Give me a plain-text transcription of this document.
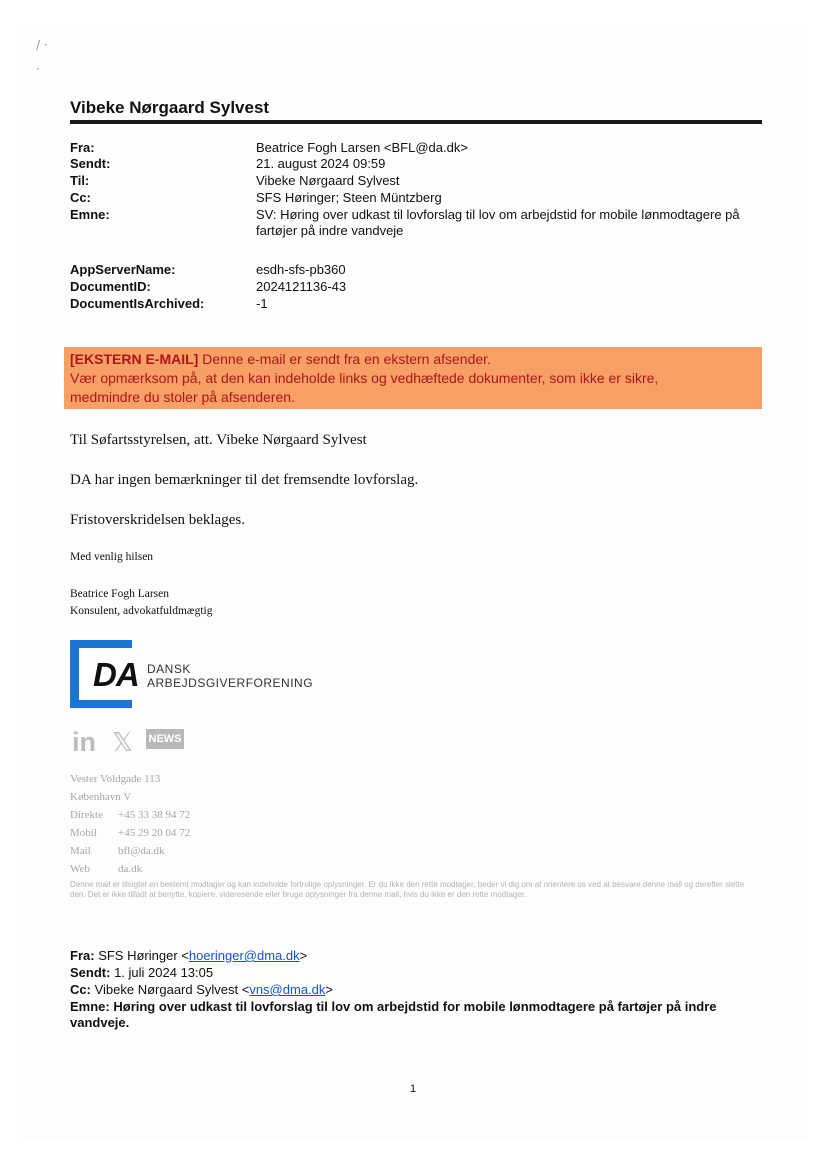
/ ·
·
Vibeke Nørgaard Sylvest
Fra:	Beatrice Fogh Larsen <BFL@da.dk>
Sendt:	21. august 2024 09:59
Til:	Vibeke Nørgaard Sylvest
Cc:	SFS Høringer; Steen Müntzberg
Emne:	SV: Høring over udkast til lovforslag til lov om arbejdstid for mobile lønmodtagere på fartøjer på indre vandveje
AppServerName:	esdh-sfs-pb360
DocumentID:	2024121136-43
DocumentIsArchived:	-1
[EKSTERN E-MAIL] Denne e-mail er sendt fra en ekstern afsender.
Vær opmærksom på, at den kan indeholde links og vedhæftede dokumenter, som ikke er sikre,
medmindre du stoler på afsenderen.
Til Søfartsstyrelsen, att. Vibeke Nørgaard Sylvest
DA har ingen bemærkninger til det fremsendte lovforslag.
Fristoverskridelsen beklages.
Med venlig hilsen
Beatrice Fogh Larsen
Konsulent, advokatfuldmægtig
DA DANSK
ARBEJDSGIVERFORENING
in 𝕏 NEWS
Vester Voldgade 113
København V
Direkte +45 33 38 94 72
Mobil +45 29 20 04 72
Mail bfl@da.dk
Web	da.dk
Denne mail er tilsigtet en bestemt modtager og kan indeholde fortrolige oplysninger. Er du ikke den rette modtager, beder vi dig om at orientere os ved at besvare denne mail og derefter slette den. Det er ikke tilladt at benytte, kopiere, videresende eller bruge oplysninger fra denne mail, hvis du ikke er den rette modtager.
Fra: SFS Høringer <hoeringer@dma.dk>
Sendt: 1. juli 2024 13:05
Cc: Vibeke Nørgaard Sylvest <vns@dma.dk>
Emne: Høring over udkast til lovforslag til lov om arbejdstid for mobile lønmodtagere på fartøjer på indre vandveje.
1
